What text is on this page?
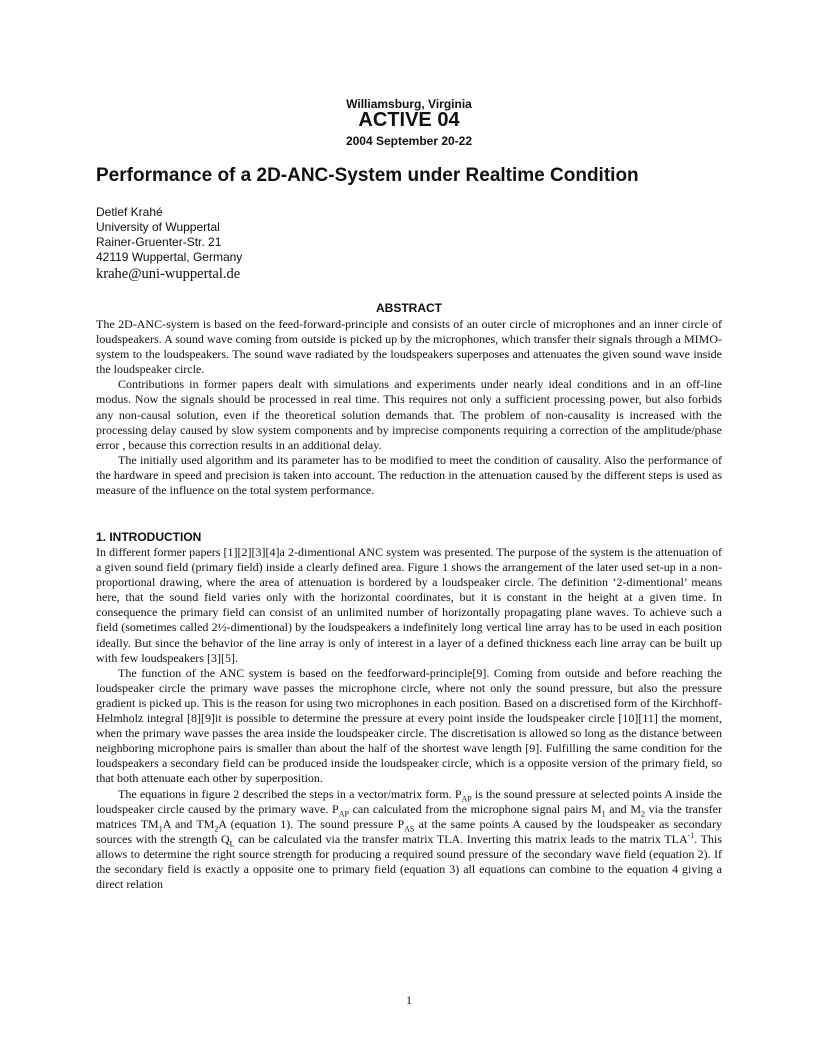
Williamsburg, Virginia
ACTIVE 04
2004 September 20-22
Performance of a 2D-ANC-System under Realtime Condition
Detlef Krahé
University of Wuppertal
Rainer-Gruenter-Str. 21
42119 Wuppertal, Germany
krahe@uni-wuppertal.de
ABSTRACT

The 2D-ANC-system is based on the feed-forward-principle and consists of an outer circle of microphones and an inner circle of loudspeakers. A sound wave coming from outside is picked up by the microphones, which transfer their signals through a MIMO-system to the loudspeakers. The sound wave radiated by the loudspeakers superposes and attenuates the given sound wave inside the loudspeaker circle.

Contributions in former papers dealt with simulations and experiments under nearly ideal conditions and in an off-line modus. Now the signals should be processed in real time. This requires not only a sufficient processing power, but also forbids any non-causal solution, even if the theoretical solution demands that. The problem of non-causality is increased with the processing delay caused by slow system components and by imprecise components requiring a correction of the amplitude/phase error , because this correction results in an additional delay.

The initially used algorithm and its parameter has to be modified to meet the condition of causality. Also the performance of the hardware in speed and precision is taken into account. The reduction in the attenuation caused by the different steps is used as measure of the influence on the total system performance.

1. INTRODUCTION

In different former papers [1][2][3][4]a 2-dimentional ANC system was presented. The purpose of the system is the attenuation of a given sound field (primary field) inside a clearly defined area. Figure 1 shows the arrangement of the later used set-up in a non-proportional drawing, where the area of attenuation is bordered by a loudspeaker circle. The definition ‘2-dimentional’ means here, that the sound field varies only with the horizontal coordinates, but it is constant in the height at a given time. In consequence the primary field can consist of an unlimited number of horizontally propagating plane waves. To achieve such a field (sometimes called 2½-dimentional) by the loudspeakers a indefinitely long vertical line array has to be used in each position ideally. But since the behavior of the line array is only of interest in a layer of a defined thickness each line array can be built up with few loudspeakers [3][5].

The function of the ANC system is based on the feedforward-principle[9]. Coming from outside and before reaching the loudspeaker circle the primary wave passes the microphone circle, where not only the sound pressure, but also the pressure gradient is picked up. This is the reason for using two microphones in each position. Based on a discretised form of the Kirchhoff-Helmholz integral [8][9]it is possible to determine the pressure at every point inside the loudspeaker circle [10][11] the moment, when the primary wave passes the area inside the loudspeaker circle. The discretisation is allowed so long as the distance between neighboring microphone pairs is smaller than about the half of the shortest wave length [9]. Fulfilling the same condition for the loudspeakers a secondary field can be produced inside the loudspeaker circle, which is a opposite version of the primary field, so that both attenuate each other by superposition.

The equations in figure 2 described the steps in a vector/matrix form. $P_{AP}$ is the sound pressure at selected points A inside the loudspeaker circle caused by the primary wave. $P_{AP}$ can calculated from the microphone signal pairs $M_1$ and $M_2$ via the transfer matrices $TM_1A$ and $TM_2A$ (equation 1). The sound pressure $P_{AS}$ at the same points A caused by the loudspeaker as secondary sources with the strength $Q_L$ can be calculated via the transfer matrix TLA. Inverting this matrix leads to the matrix $TLA^{-1}$. This allows to determine the right source strength for producing a required sound pressure of the secondary wave field (equation 2). If the secondary field is exactly a opposite one to primary field (equation 3) all equations can combine to the equation 4 giving a direct relation

1
